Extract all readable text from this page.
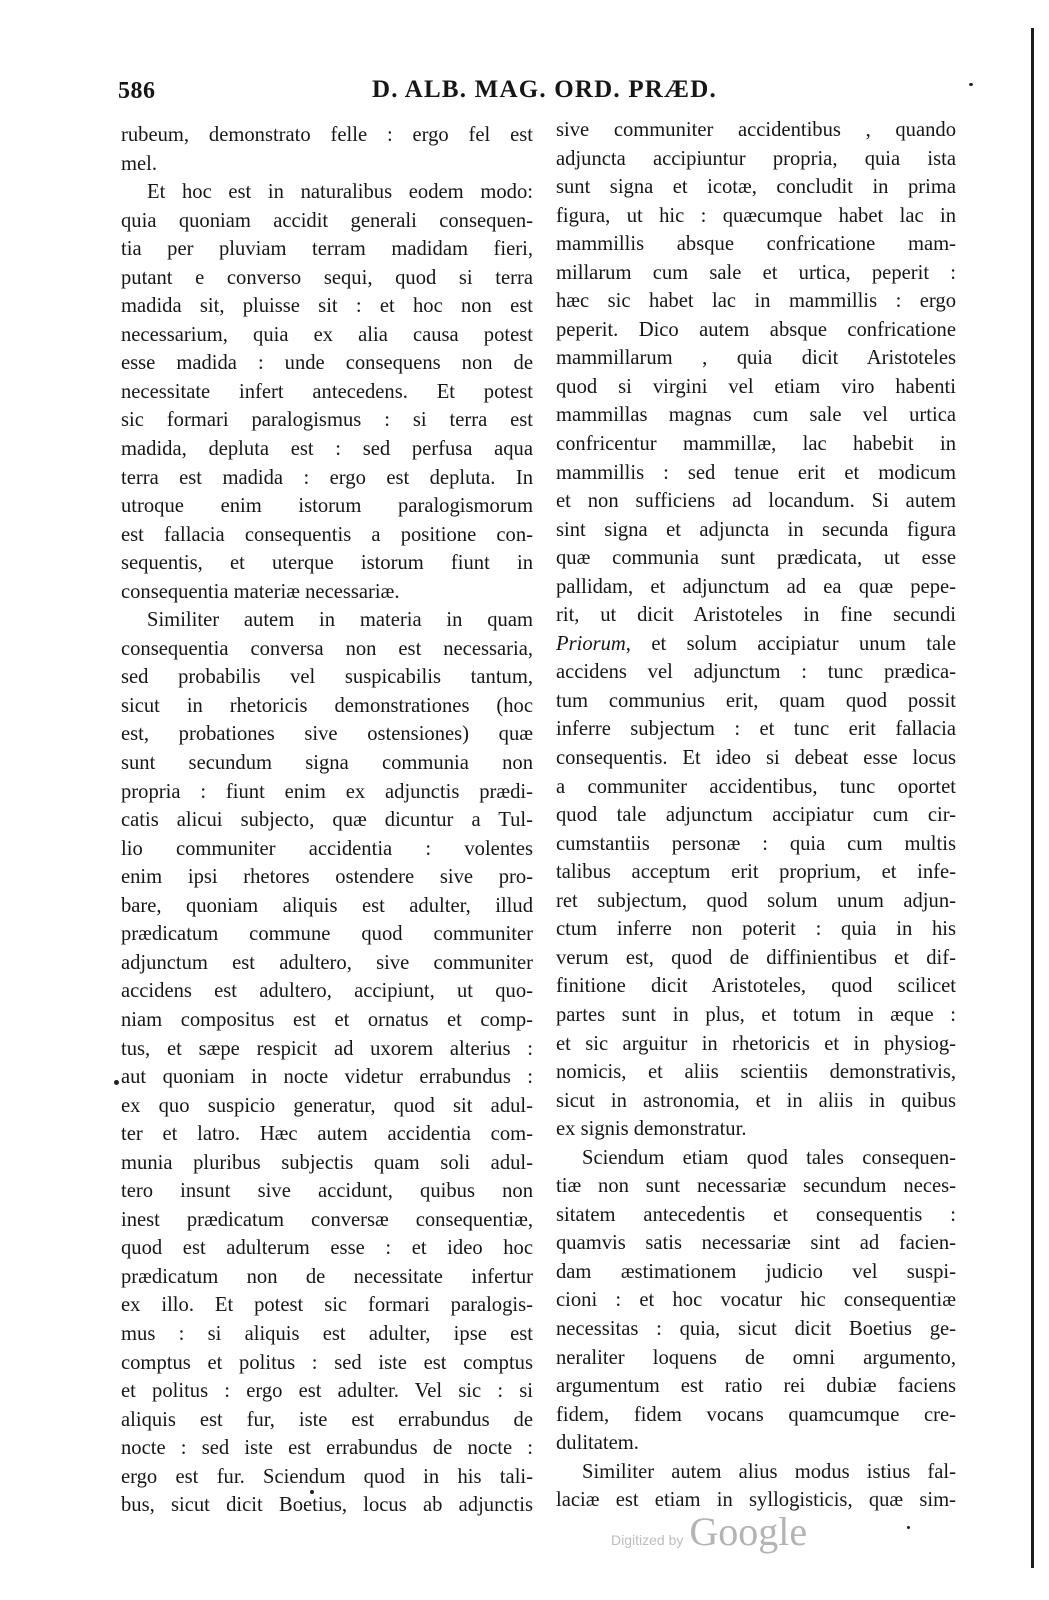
586	D. ALB. MAG. ORD. PRÆD.
rubeum, demonstrato felle : ergo fel est
mel.
Et hoc est in naturalibus eodem modo:
quia quoniam accidit generali consequen-
tia per pluviam terram madidam fieri,
putant e converso sequi, quod si terra
madida sit, pluisse sit : et hoc non est
necessarium, quia ex alia causa potest
esse madida : unde consequens non de
necessitate infert antecedens. Et potest
sic formari paralogismus : si terra est
madida, depluta est : sed perfusa aqua
terra est madida : ergo est depluta. In
utroque enim istorum paralogismorum
est fallacia consequentis a positione con-
sequentis, et uterque istorum fiunt in
consequentia materiæ necessariæ.
Similiter autem in materia in quam
consequentia conversa non est necessaria,
sed probabilis vel suspicabilis tantum,
sicut in rhetoricis demonstrationes (hoc
est, probationes sive ostensiones) quæ
sunt secundum signa communia non
propria : fiunt enim ex adjunctis prædi-
catis alicui subjecto, quæ dicuntur a Tul-
lio communiter accidentia : volentes
enim ipsi rhetores ostendere sive pro-
bare, quoniam aliquis est adulter, illud
prædicatum commune quod communiter
adjunctum est adultero, sive communiter
accidens est adultero, accipiunt, ut quo-
niam compositus est et ornatus et comp-
tus, et sæpe respicit ad uxorem alterius :
aut quoniam in nocte videtur errabundus :
ex quo suspicio generatur, quod sit adul-
ter et latro. Hæc autem accidentia com-
munia pluribus subjectis quam soli adul-
tero insunt sive accidunt, quibus non
inest prædicatum conversæ consequentiæ,
quod est adulterum esse : et ideo hoc
prædicatum non de necessitate infertur
ex illo. Et potest sic formari paralogis-
mus : si aliquis est adulter, ipse est
comptus et politus : sed iste est comptus
et politus : ergo est adulter. Vel sic : si
aliquis est fur, iste est errabundus de
nocte : sed iste est errabundus de nocte :
ergo est fur. Sciendum quod in his tali-
bus, sicut dicit Boetius, locus ab adjunctis
sive communiter accidentibus , quando
adjuncta accipiuntur propria, quia ista
sunt signa et icotæ, concludit in prima
figura, ut hic : quæcumque habet lac in
mammillis absque confricatione mam-
millarum cum sale et urtica, peperit :
hæc sic habet lac in mammillis : ergo
peperit. Dico autem absque confricatione
mammillarum , quia dicit Aristoteles
quod si virgini vel etiam viro habenti
mammillas magnas cum sale vel urtica
confricentur mammillæ, lac habebit in
mammillis : sed tenue erit et modicum
et non sufficiens ad locandum. Si autem
sint signa et adjuncta in secunda figura
quæ communia sunt prædicata, ut esse
pallidam, et adjunctum ad ea quæ pepe-
rit, ut dicit Aristoteles in fine secundi
Priorum, et solum accipiatur unum tale
accidens vel adjunctum : tunc prædica-
tum communius erit, quam quod possit
inferre subjectum : et tunc erit fallacia
consequentis. Et ideo si debeat esse locus
a communiter accidentibus, tunc oportet
quod tale adjunctum accipiatur cum cir-
cumstantiis personæ : quia cum multis
talibus acceptum erit proprium, et infe-
ret subjectum, quod solum unum adjun-
ctum inferre non poterit : quia in his
verum est, quod de diffinientibus et dif-
finitione dicit Aristoteles, quod scilicet
partes sunt in plus, et totum in æque :
et sic arguitur in rhetoricis et in physiog-
nomicis, et aliis scientiis demonstrativis,
sicut in astronomia, et in aliis in quibus
ex signis demonstratur.
Sciendum etiam quod tales consequen-
tiæ non sunt necessariæ secundum neces-
sitatem antecedentis et consequentis :
quamvis satis necessariæ sint ad facien-
dam æstimationem judicio vel suspi-
cioni : et hoc vocatur hic consequentiæ
necessitas : quia, sicut dicit Boetius ge-
neraliter loquens de omni argumento,
argumentum est ratio rei dubiæ faciens
fidem, fidem vocans quamcumque cre-
dulitatem.
Similiter autem alius modus istius fal-
laciæ est etiam in syllogisticis, quæ sim-
Digitized by Google
